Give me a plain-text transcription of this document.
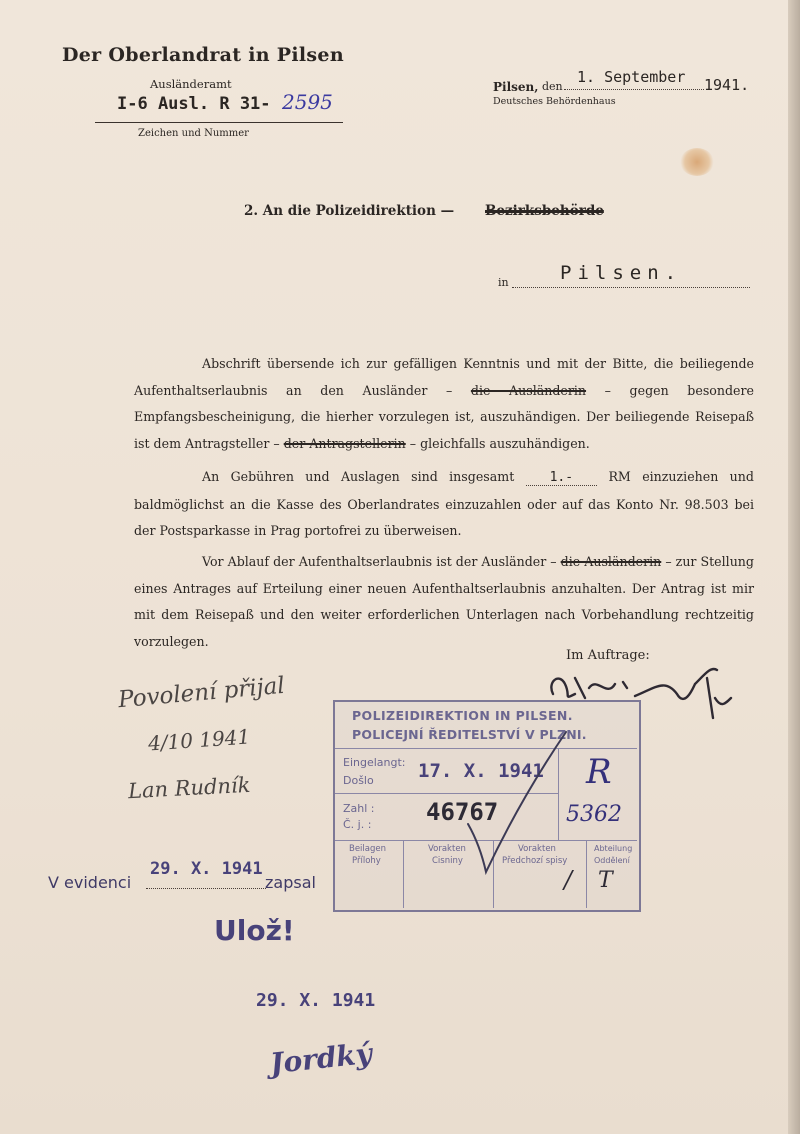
Der Oberlandrat in Pilsen
Ausländeramt
I-6 Ausl. R 31- 2595
Zeichen und Nummer
Pilsen, den
1. September 1941.
Deutsches Behördenhaus
2. An die Polizeidirektion — Bezirksbehörde
in	Pilsen.
Abschrift übersende ich zur gefälligen Kenntnis und mit der Bitte, die beiliegende Aufenthaltserlaubnis an den Ausländer – die Ausländerin – gegen besondere Empfangsbescheinigung, die hierher vorzulegen ist, auszuhändigen. Der beiliegende Reisepaß ist dem Antragsteller – der Antragstellerin – gleichfalls auszuhändigen.
An Gebühren und Auslagen sind insgesamt	1.-	RM einzuziehen und baldmöglichst an die Kasse des Oberlandrates einzuzahlen oder auf das Konto Nr. 98.503 bei der Postsparkasse in Prag portofrei zu überweisen.
Vor Ablauf der Aufenthaltserlaubnis ist der Ausländer – die Ausländerin – zur Stellung eines Antrages auf Erteilung einer neuen Aufenthaltserlaubnis anzuhalten. Der Antrag ist mir mit dem Reisepaß und den weiter erforderlichen Unterlagen nach Vorbehandlung rechtzeitig vorzulegen.
Im Auftrage:
Povolení přijal
4/10 1941
Lan Rudník
POLIZEIDIREKTION IN PILSEN.
POLICEJNÍ ŘEDITELSTVÍ V PLZNI.
Eingelangt:
Došlo 17. X. 1941
Zahl :
Č. j. : 46767
R
5362
Beilagen
Přílohy
Vorakten
Cisniny
Vorakten
Předchozí spisy
Abteilung
Oddělení
/ T
V evidenci
29. X. 1941
zapsal
Ulož!
29. X. 1941
Jordký
